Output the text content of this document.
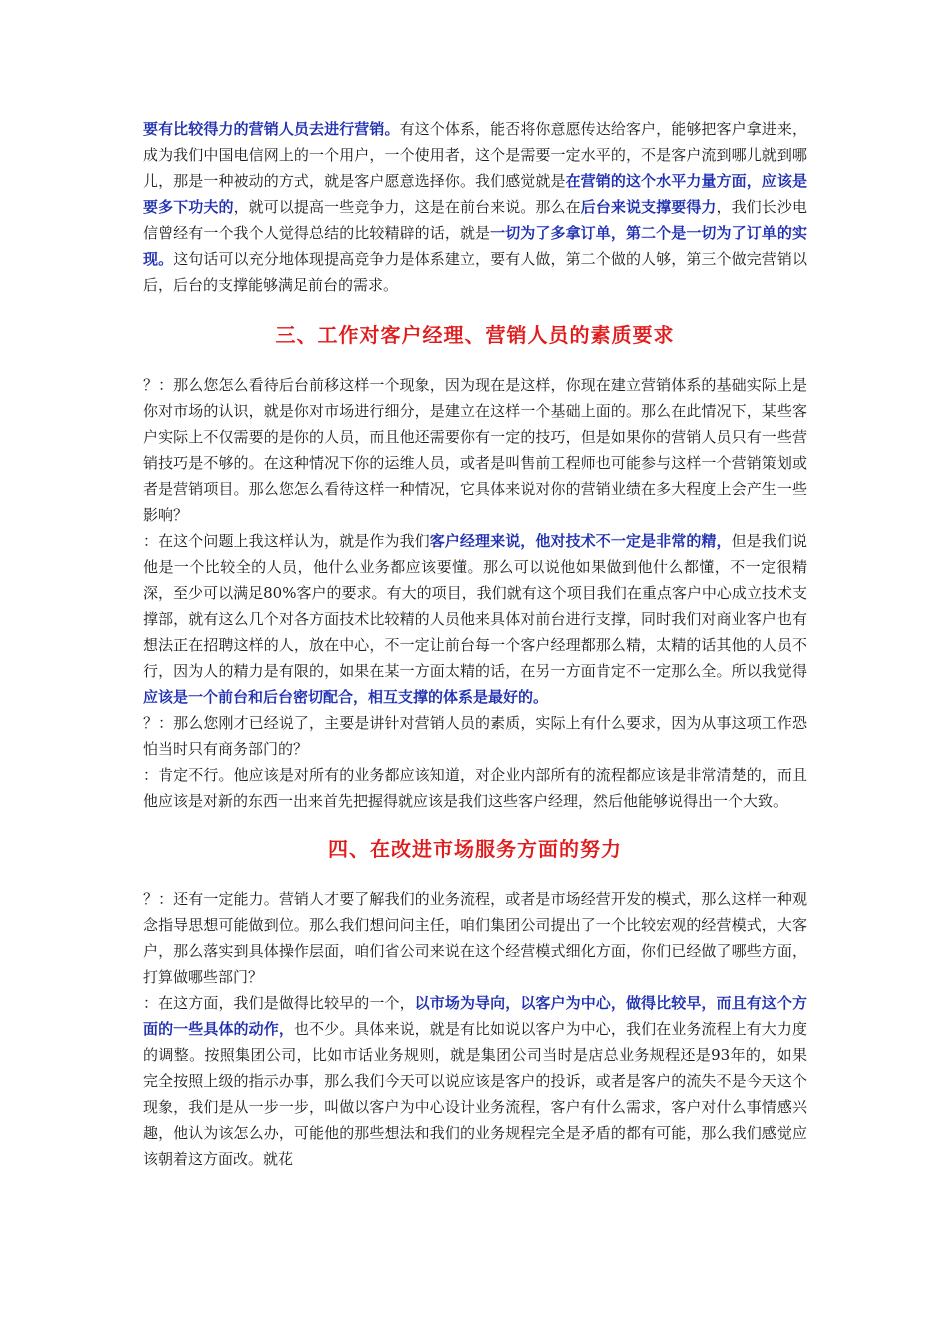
要有比较得力的营销人员去进行营销。有这个体系，能否将你意愿传达给客户，能够把客户拿进来，成为我们中国电信网上的一个用户，一个使用者，这个是需要一定水平的，不是客户流到哪儿就到哪儿，那是一种被动的方式，就是客户愿意选择你。我们感觉就是在营销的这个水平力量方面，应该是要多下功夫的，就可以提高一些竞争力，这是在前台来说。那么在后台来说支撑要得力，我们长沙电信曾经有一个我个人觉得总结的比较精辟的话，就是一切为了多拿订单，第二个是一切为了订单的实现。这句话可以充分地体现提高竞争力是体系建立，要有人做，第二个做的人够，第三个做完营销以后，后台的支撑能够满足前台的需求。

三、工作对客户经理、营销人员的素质要求

？：那么您怎么看待后台前移这样一个现象，因为现在是这样，你现在建立营销体系的基础实际上是你对市场的认识，就是你对市场进行细分，是建立在这样一个基础上面的。那么在此情况下，某些客户实际上不仅需要的是你的人员，而且他还需要你有一定的技巧，但是如果你的营销人员只有一些营销技巧是不够的。在这种情况下你的运维人员，或者是叫售前工程师也可能参与这样一个营销策划或者是营销项目。那么您怎么看待这样一种情况，它具体来说对你的营销业绩在多大程度上会产生一些影响？

：在这个问题上我这样认为，就是作为我们客户经理来说，他对技术不一定是非常的精，但是我们说他是一个比较全的人员，他什么业务都应该要懂。那么可以说他如果做到他什么都懂，不一定很精深，至少可以满足80%客户的要求。有大的项目，我们就有这个项目我们在重点客户中心成立技术支撑部，就有这么几个对各方面技术比较精的人员他来具体对前台进行支撑，同时我们对商业客户也有想法正在招聘这样的人，放在中心，不一定让前台每一个客户经理都那么精，太精的话其他的人员不行，因为人的精力是有限的，如果在某一方面太精的话，在另一方面肯定不一定那么全。所以我觉得应该是一个前台和后台密切配合，相互支撑的体系是最好的。

？：那么您刚才已经说了，主要是讲针对营销人员的素质，实际上有什么要求，因为从事这项工作恐怕当时只有商务部门的？

：肯定不行。他应该是对所有的业务都应该知道，对企业内部所有的流程都应该是非常清楚的，而且他应该是对新的东西一出来首先把握得就应该是我们这些客户经理，然后他能够说得出一个大致。

四、在改进市场服务方面的努力

？：还有一定能力。营销人才要了解我们的业务流程，或者是市场经营开发的模式，那么这样一种观念指导思想可能做到位。那么我们想问问主任，咱们集团公司提出了一个比较宏观的经营模式，大客户，那么落实到具体操作层面，咱们省公司来说在这个经营模式细化方面，你们已经做了哪些方面，打算做哪些部门？

：在这方面，我们是做得比较早的一个，以市场为导向，以客户为中心，做得比较早，而且有这个方面的一些具体的动作，也不少。具体来说，就是有比如说以客户为中心，我们在业务流程上有大力度的调整。按照集团公司，比如市话业务规则，就是集团公司当时是店总业务规程还是93年的，如果完全按照上级的指示办事，那么我们今天可以说应该是客户的投诉，或者是客户的流失不是今天这个现象，我们是从一步一步，叫做以客户为中心设计业务流程，客户有什么需求，客户对什么事情感兴趣，他认为该怎么办，可能他的那些想法和我们的业务规程完全是矛盾的都有可能，那么我们感觉应该朝着这方面改。就花
